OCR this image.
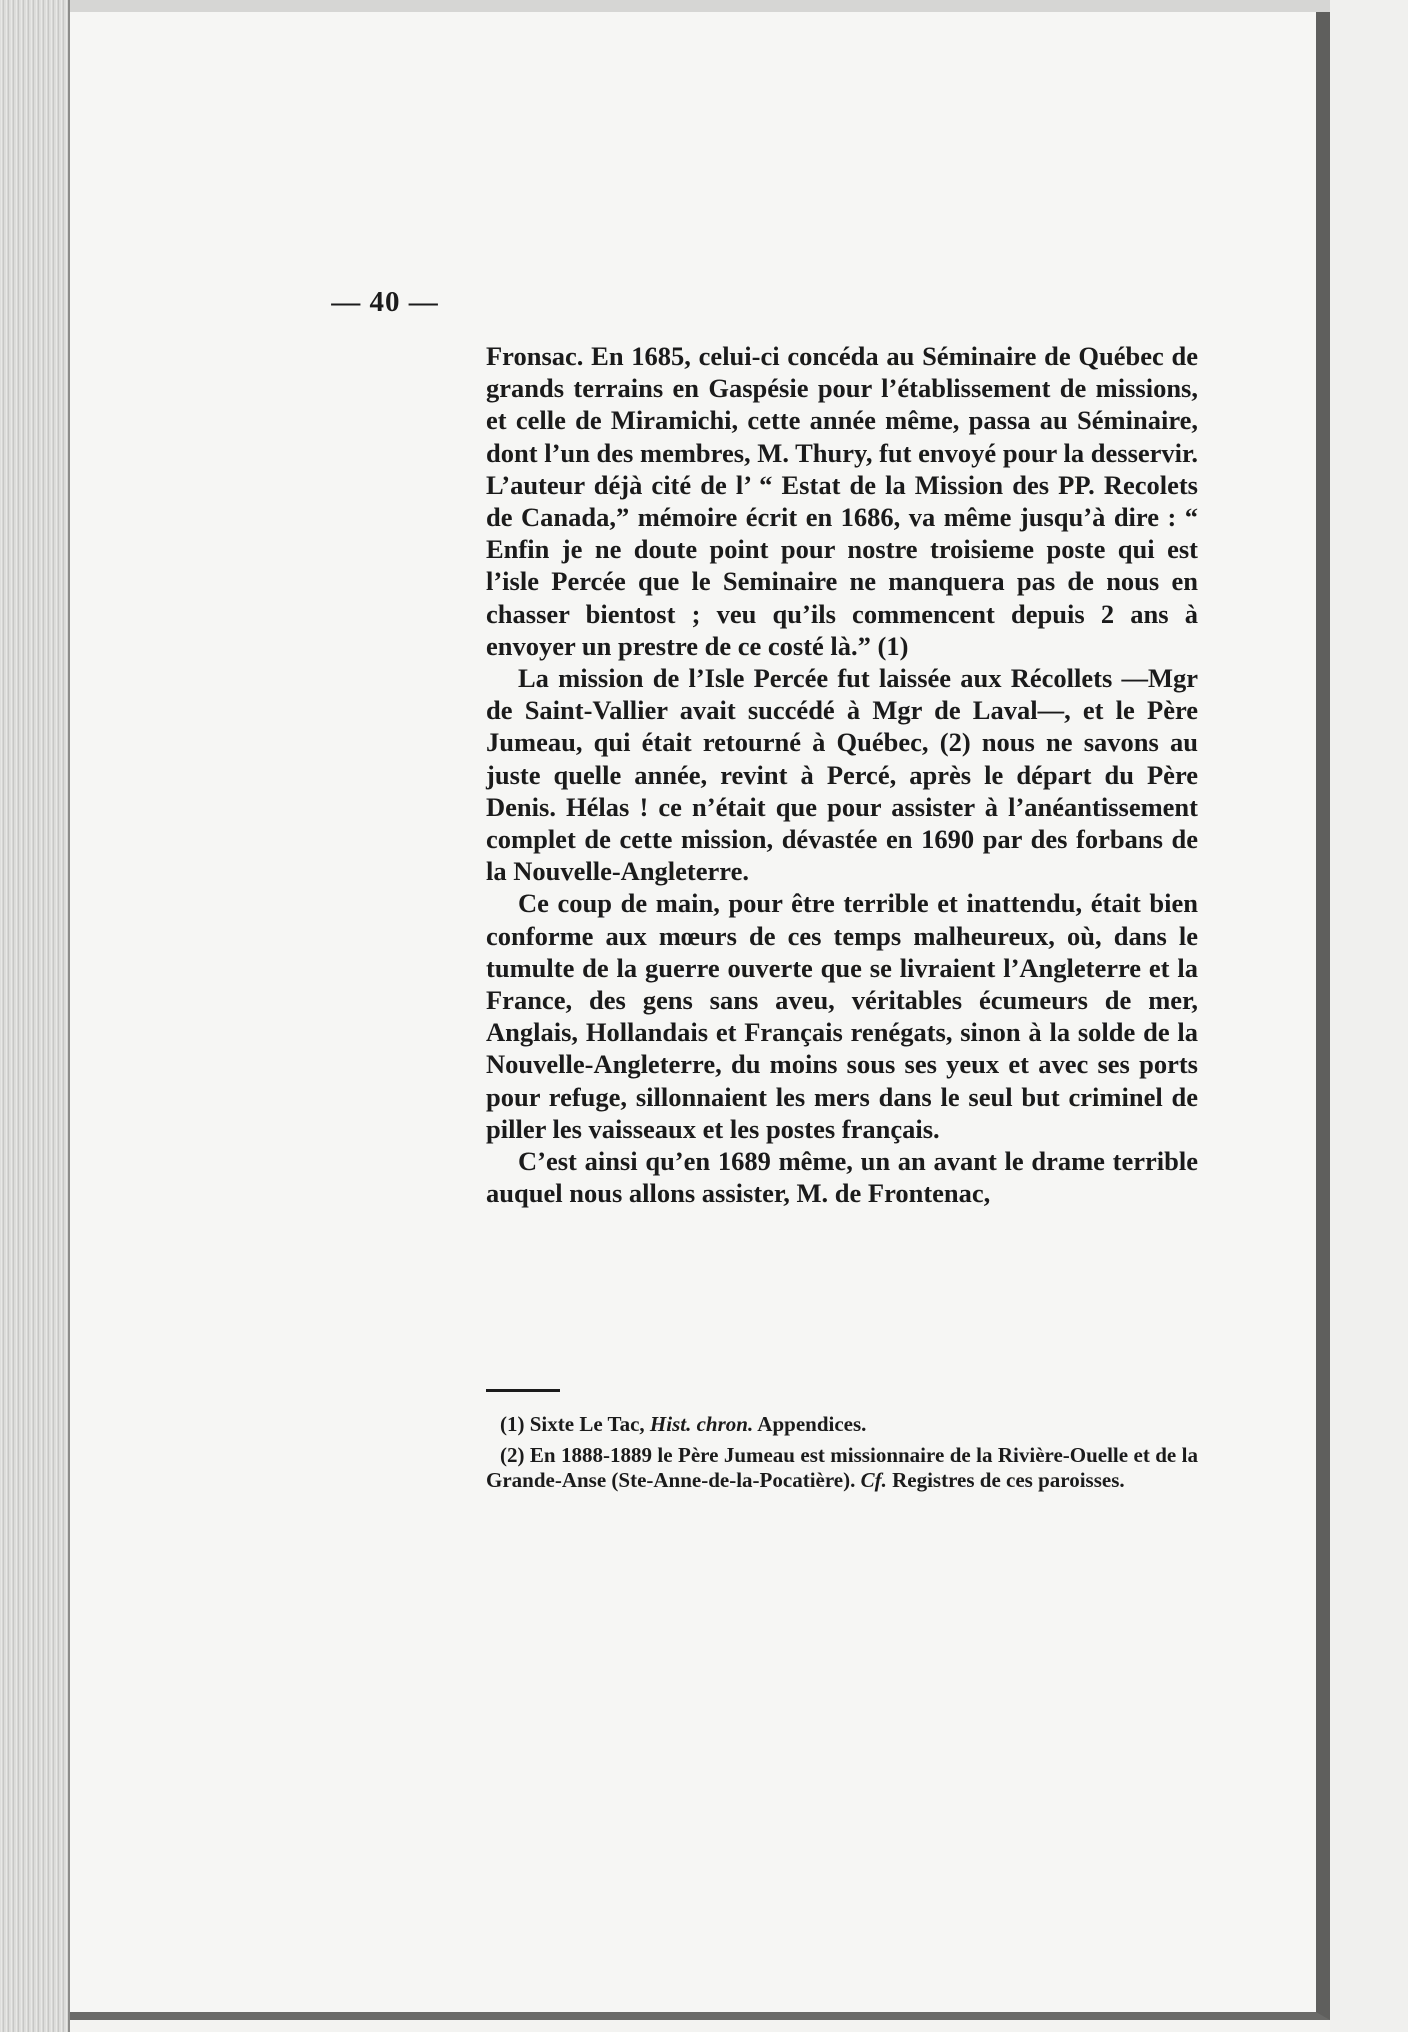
— 40 —

Fronsac. En 1685, celui-ci concéda au Séminaire de Québec de grands terrains en Gaspésie pour l’établissement de missions, et celle de Miramichi, cette année même, passa au Séminaire, dont l’un des membres, M. Thury, fut envoyé pour la desservir. L’auteur déjà cité de l’ “ Estat de la Mission des PP. Recolets de Canada,” mémoire écrit en 1686, va même jusqu’à dire : “ Enfin je ne doute point pour nostre troisieme poste qui est l’isle Percée que le Seminaire ne manquera pas de nous en chasser bientost ; veu qu’ils commencent depuis 2 ans à envoyer un prestre de ce costé là.” (1)

La mission de l’Isle Percée fut laissée aux Récollets —Mgr de Saint-Vallier avait succédé à Mgr de Laval—, et le Père Jumeau, qui était retourné à Québec, (2) nous ne savons au juste quelle année, revint à Percé, après le départ du Père Denis. Hélas ! ce n’était que pour assister à l’anéantissement complet de cette mission, dévastée en 1690 par des forbans de la Nouvelle-Angleterre.

Ce coup de main, pour être terrible et inattendu, était bien conforme aux mœurs de ces temps malheureux, où, dans le tumulte de la guerre ouverte que se livraient l’Angleterre et la France, des gens sans aveu, véritables écumeurs de mer, Anglais, Hollandais et Français renégats, sinon à la solde de la Nouvelle-Angleterre, du moins sous ses yeux et avec ses ports pour refuge, sillonnaient les mers dans le seul but criminel de piller les vaisseaux et les postes français.

C’est ainsi qu’en 1689 même, un an avant le drame terrible auquel nous allons assister, M. de Frontenac,

(1) Sixte Le Tac, Hist. chron. Appendices.

(2) En 1888-1889 le Père Jumeau est missionnaire de la Rivière-Ouelle et de la Grande-Anse (Ste-Anne-de-la-Pocatière). Cf. Registres de ces paroisses.
